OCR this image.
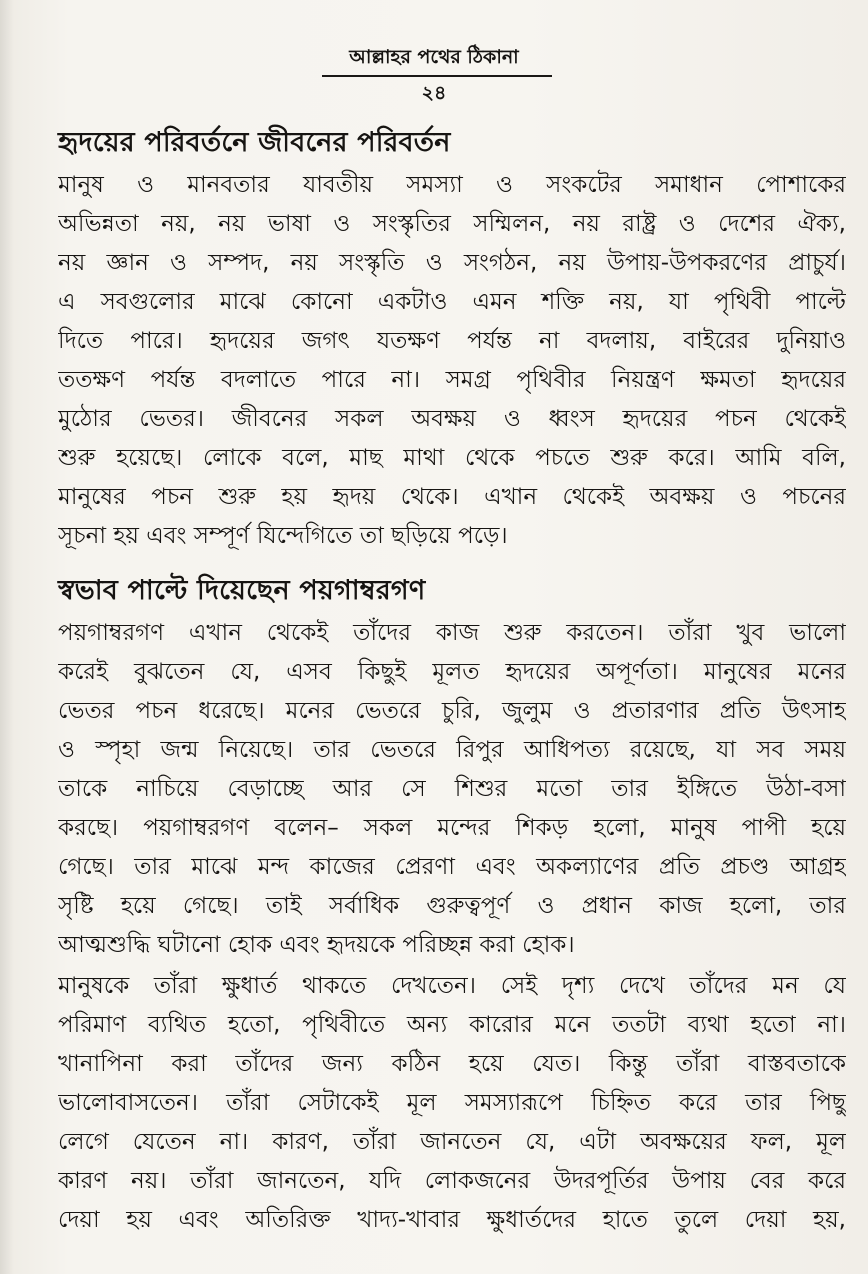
আল্লাহর পথের ঠিকানা
২৪
হৃদয়ের পরিবর্তনে জীবনের পরিবর্তন

মানুষ ও মানবতার যাবতীয় সমস্যা ও সংকটের সমাধান পোশাকের
অভিন্নতা নয়, নয় ভাষা ও সংস্কৃতির সম্মিলন, নয় রাষ্ট্র ও দেশের ঐক্য,
নয় জ্ঞান ও সম্পদ, নয় সংস্কৃতি ও সংগঠন, নয় উপায়-উপকরণের প্রাচুর্য।
এ সবগুলোর মাঝে কোনো একটাও এমন শক্তি নয়, যা পৃথিবী পাল্টে
দিতে পারে। হৃদয়ের জগৎ যতক্ষণ পর্যন্ত না বদলায়, বাইরের দুনিয়াও
ততক্ষণ পর্যন্ত বদলাতে পারে না। সমগ্র পৃথিবীর নিয়ন্ত্রণ ক্ষমতা হৃদয়ের
মুঠোর ভেতর। জীবনের সকল অবক্ষয় ও ধ্বংস হৃদয়ের পচন থেকেই
শুরু হয়েছে। লোকে বলে, মাছ মাথা থেকে পচতে শুরু করে। আমি বলি,
মানুষের পচন শুরু হয় হৃদয় থেকে। এখান থেকেই অবক্ষয় ও পচনের
সূচনা হয় এবং সম্পূর্ণ যিন্দেগিতে তা ছড়িয়ে পড়ে।

স্বভাব পাল্টে দিয়েছেন পয়গাম্বরগণ

পয়গাম্বরগণ এখান থেকেই তাঁদের কাজ শুরু করতেন। তাঁরা খুব ভালো
করেই বুঝতেন যে, এসব কিছুই মূলত হৃদয়ের অপূর্ণতা। মানুষের মনের
ভেতর পচন ধরেছে। মনের ভেতরে চুরি, জুলুম ও প্রতারণার প্রতি উৎসাহ
ও স্পৃহা জন্ম নিয়েছে। তার ভেতরে রিপুর আধিপত্য রয়েছে, যা সব সময়
তাকে নাচিয়ে বেড়াচ্ছে আর সে শিশুর মতো তার ইঙ্গিতে উঠা-বসা
করছে। পয়গাম্বরগণ বলেন– সকল মন্দের শিকড় হলো, মানুষ পাপী হয়ে
গেছে। তার মাঝে মন্দ কাজের প্রেরণা এবং অকল্যাণের প্রতি প্রচণ্ড আগ্রহ
সৃষ্টি হয়ে গেছে। তাই সর্বাধিক গুরুত্বপূর্ণ ও প্রধান কাজ হলো, তার
আত্মশুদ্ধি ঘটানো হোক এবং হৃদয়কে পরিচ্ছন্ন করা হোক।

মানুষকে তাঁরা ক্ষুধার্ত থাকতে দেখতেন। সেই দৃশ্য দেখে তাঁদের মন যে
পরিমাণ ব্যথিত হতো, পৃথিবীতে অন্য কারোর মনে ততটা ব্যথা হতো না।
খানাপিনা করা তাঁদের জন্য কঠিন হয়ে যেত। কিন্তু তাঁরা বাস্তবতাকে
ভালোবাসতেন। তাঁরা সেটাকেই মূল সমস্যারূপে চিহ্নিত করে তার পিছু
লেগে যেতেন না। কারণ, তাঁরা জানতেন যে, এটা অবক্ষয়ের ফল, মূল
কারণ নয়। তাঁরা জানতেন, যদি লোকজনের উদরপূর্তির উপায় বের করে
দেয়া হয় এবং অতিরিক্ত খাদ্য-খাবার ক্ষুধার্তদের হাতে তুলে দেয়া হয়,
